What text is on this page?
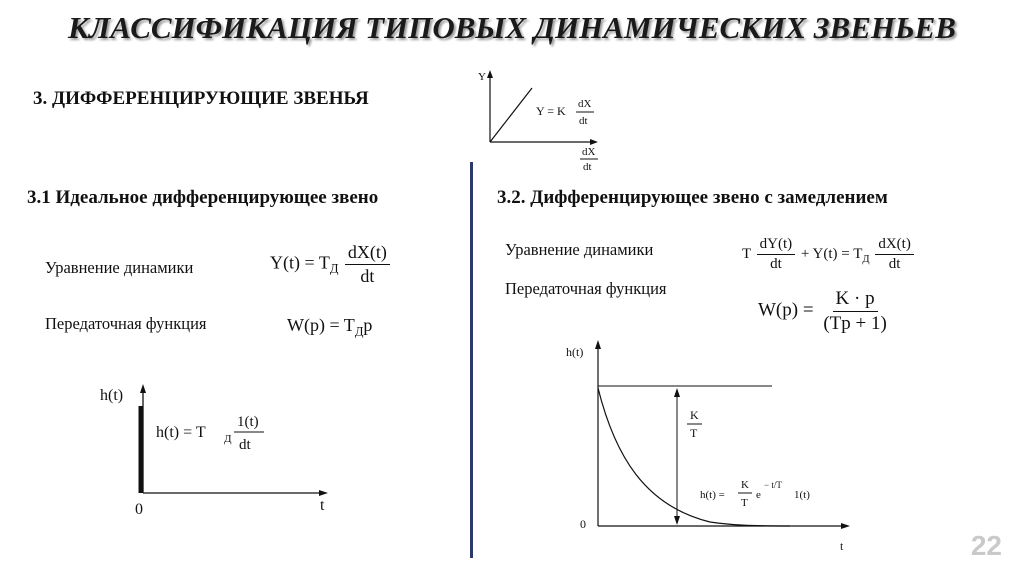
КЛАССИФИКАЦИЯ ТИПОВЫХ ДИНАМИЧЕСКИХ ЗВЕНЬЕВ
3. ДИФФЕРЕНЦИРУЮЩИЕ ЗВЕНЬЯ
Y
Y = K dX
dt
dX
dt
3.1 Идеальное дифференцирующее звено
Уравнение динамики	$Y(t) = T_Д \frac{dX(t)}{dt}$
Передаточная функция	$W(p) = T_Дp$
h(t)
t
0
h(t) = T Д
1(t)
dt
3.2. Дифференцирующее звено с замедлением
Уравнение динамики	T $\frac{dY(t)}{dt} + Y(t) = T_Д \frac{dX(t)}{dt}$
Передаточная функция
$W(p) = \frac{K \cdot p}{(Tp + 1)}$
h(t)
t
0
K
T
h(t) =
K
T
e
− t/T
1(t)
22
